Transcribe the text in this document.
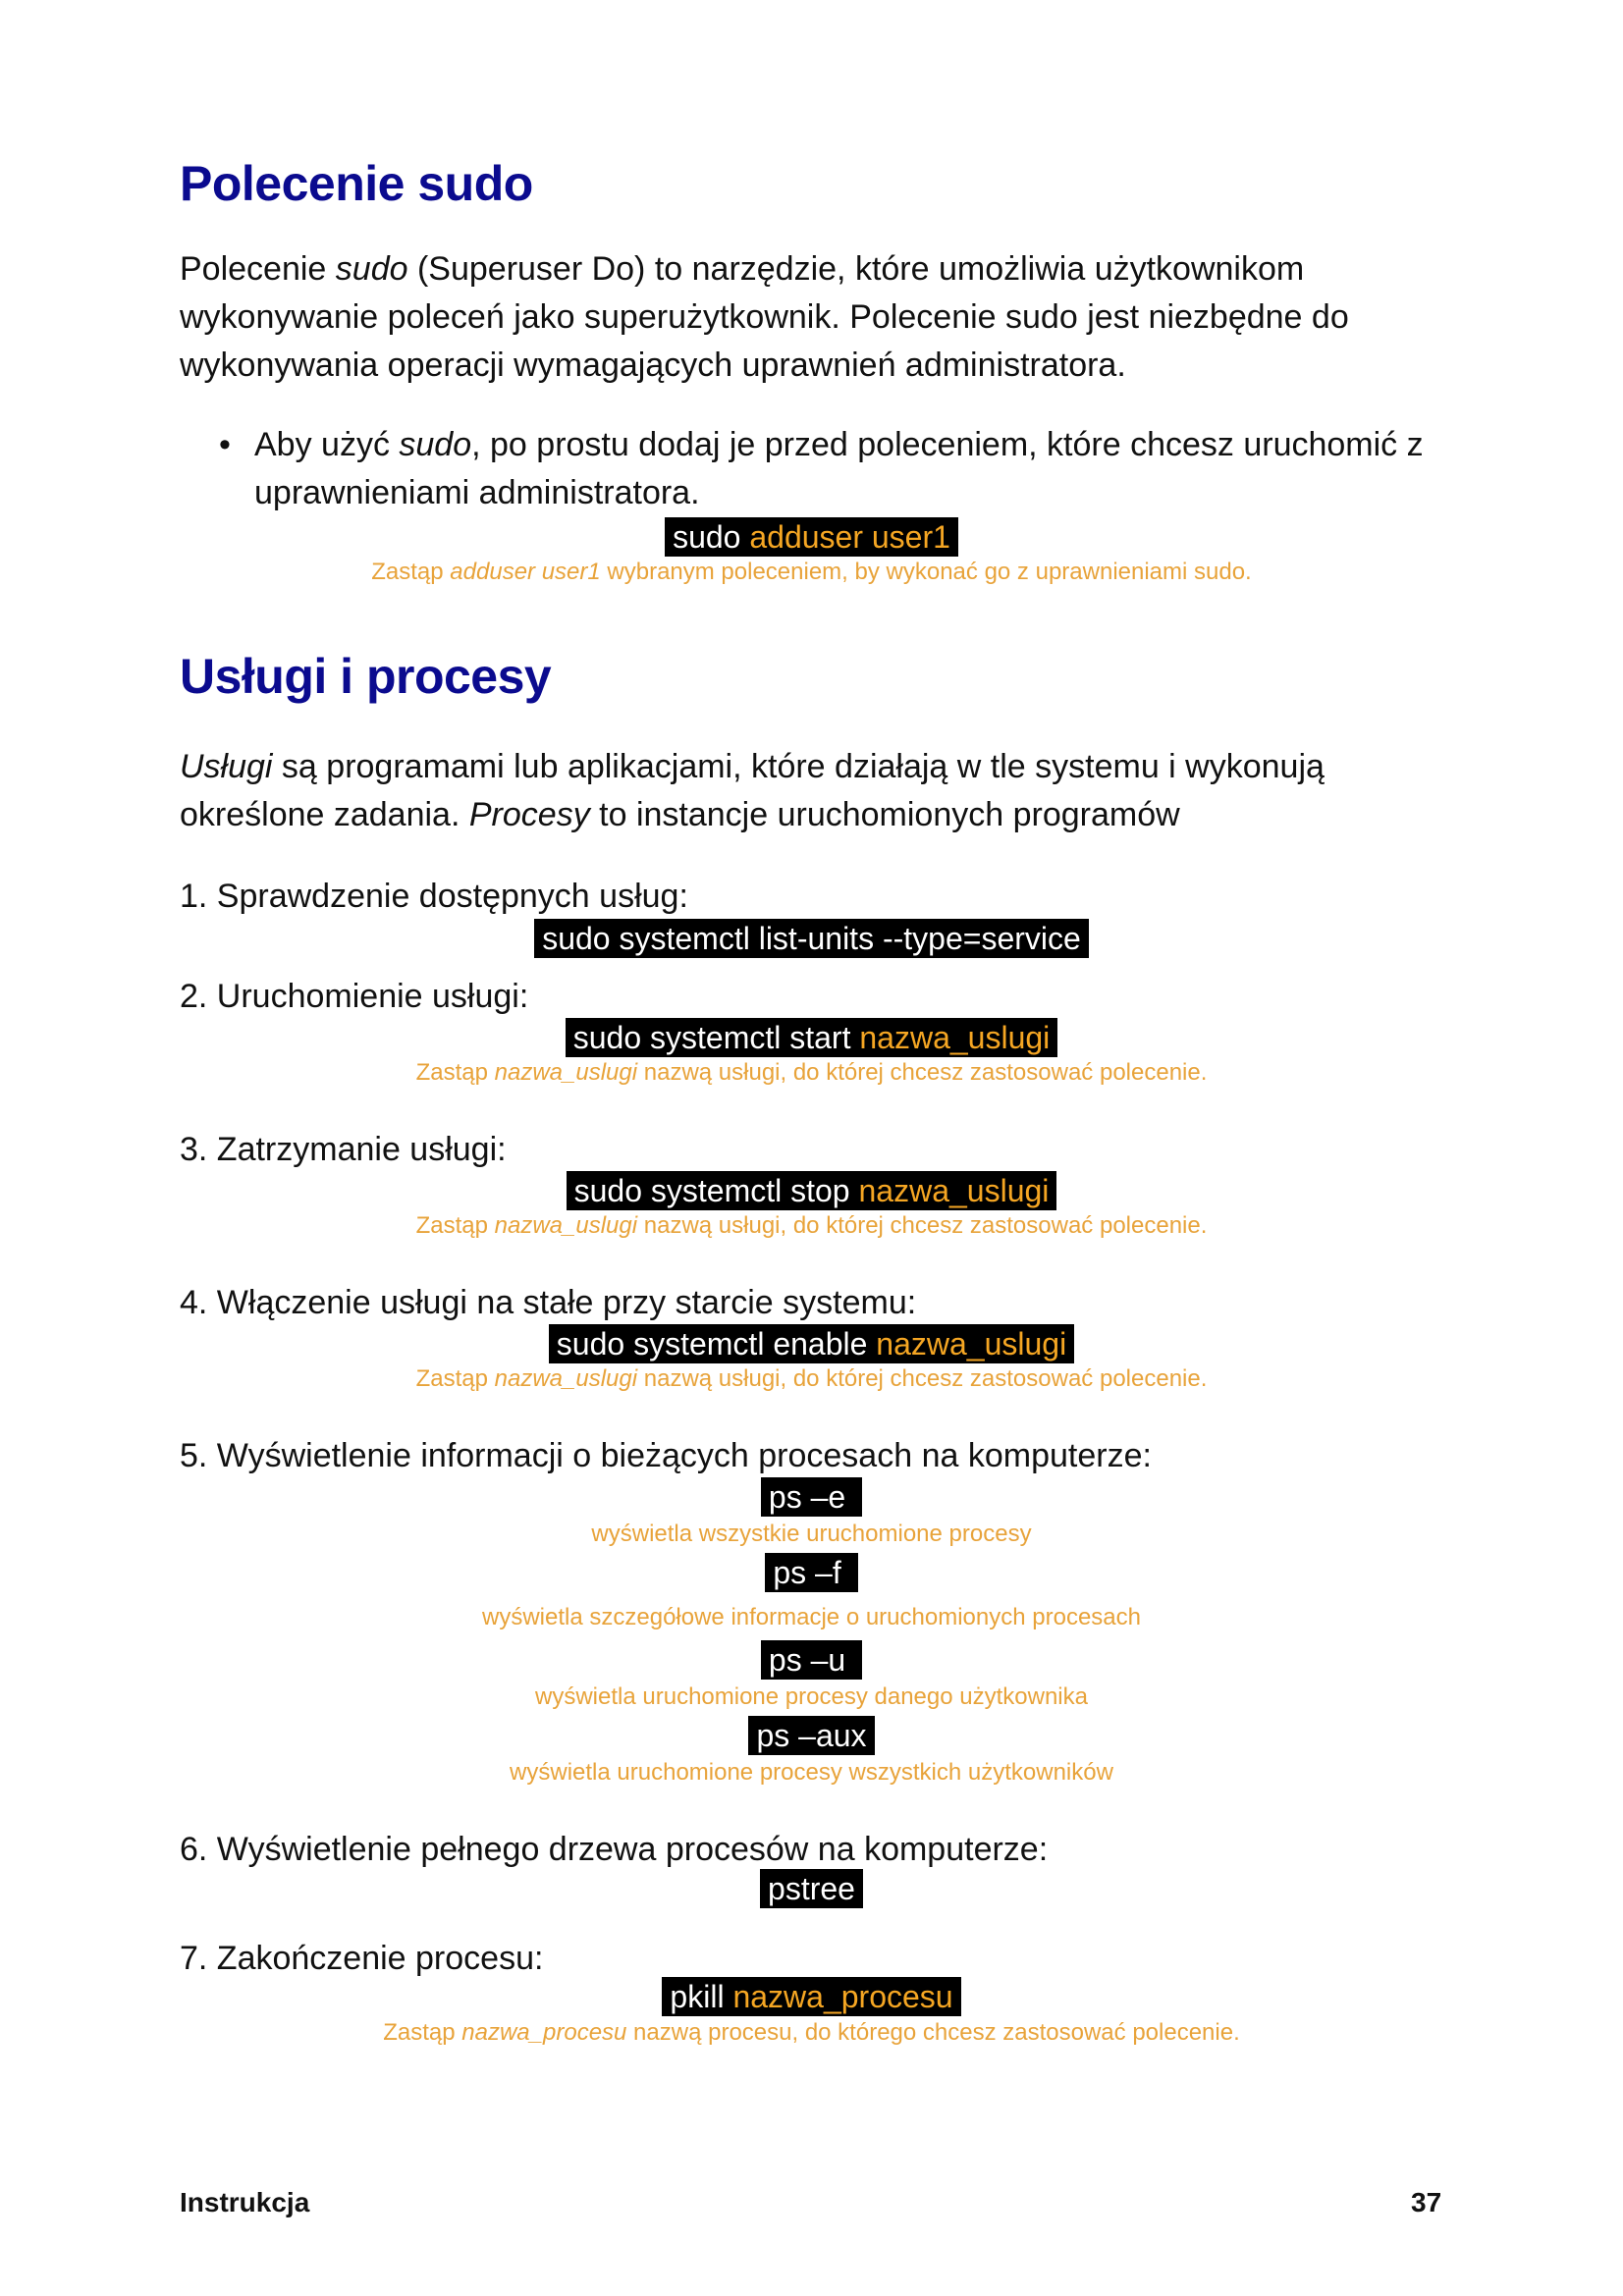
Polecenie sudo

Polecenie sudo (Superuser Do) to narzędzie, które umożliwia użytkownikom wykonywanie poleceń jako superużytkownik. Polecenie sudo jest niezbędne do wykonywania operacji wymagających uprawnień administratora.

• Aby użyć sudo, po prostu dodaj je przed poleceniem, które chcesz uruchomić z uprawnieniami administratora.
sudo adduser user1
Zastąp adduser user1 wybranym poleceniem, by wykonać go z uprawnieniami sudo.
Usługi i procesy

Usługi są programami lub aplikacjami, które działają w tle systemu i wykonują określone zadania. Procesy to instancje uruchomionych programów

1. Sprawdzenie dostępnych usług:
sudo systemctl list-units --type=service
2. Uruchomienie usługi:
sudo systemctl start nazwa_uslugi
Zastąp nazwa_uslugi nazwą usługi, do której chcesz zastosować polecenie.
3. Zatrzymanie usługi:
sudo systemctl stop nazwa_uslugi
Zastąp nazwa_uslugi nazwą usługi, do której chcesz zastosować polecenie.
4. Włączenie usługi na stałe przy starcie systemu:
sudo systemctl enable nazwa_uslugi
Zastąp nazwa_uslugi nazwą usługi, do której chcesz zastosować polecenie.
5. Wyświetlenie informacji o bieżących procesach na komputerze:
ps –e
wyświetla wszystkie uruchomione procesy
ps –f
wyświetla szczegółowe informacje o uruchomionych procesach
ps –u
wyświetla uruchomione procesy danego użytkownika
ps –aux
wyświetla uruchomione procesy wszystkich użytkowników
6. Wyświetlenie pełnego drzewa procesów na komputerze:
pstree
7. Zakończenie procesu:
pkill nazwa_procesu
Zastąp nazwa_procesu nazwą procesu, do którego chcesz zastosować polecenie.
Instrukcja	37
